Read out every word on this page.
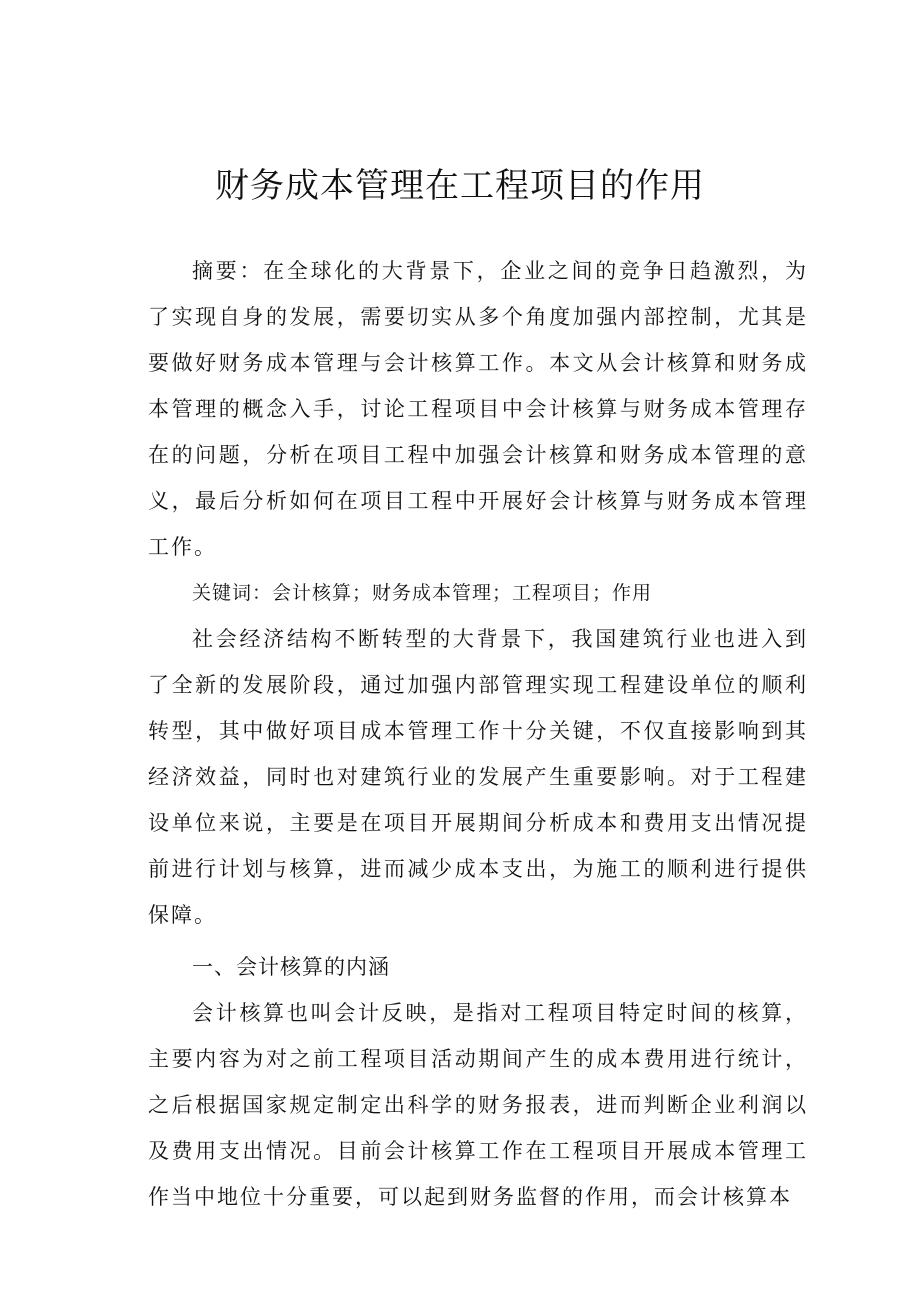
财务成本管理在工程项目的作用

摘要：在全球化的大背景下，企业之间的竞争日趋激烈，为了实现自身的发展，需要切实从多个角度加强内部控制，尤其是要做好财务成本管理与会计核算工作。本文从会计核算和财务成本管理的概念入手，讨论工程项目中会计核算与财务成本管理存在的问题，分析在项目工程中加强会计核算和财务成本管理的意义，最后分析如何在项目工程中开展好会计核算与财务成本管理工作。

关键词：会计核算；财务成本管理；工程项目；作用

社会经济结构不断转型的大背景下，我国建筑行业也进入到了全新的发展阶段，通过加强内部管理实现工程建设单位的顺利转型，其中做好项目成本管理工作十分关键，不仅直接影响到其经济效益，同时也对建筑行业的发展产生重要影响。对于工程建设单位来说，主要是在项目开展期间分析成本和费用支出情况提前进行计划与核算，进而减少成本支出，为施工的顺利进行提供保障。

一、会计核算的内涵

会计核算也叫会计反映，是指对工程项目特定时间的核算，主要内容为对之前工程项目活动期间产生的成本费用进行统计，之后根据国家规定制定出科学的财务报表，进而判断企业利润以及费用支出情况。目前会计核算工作在工程项目开展成本管理工作当中地位十分重要，可以起到财务监督的作用，而会计核算本
